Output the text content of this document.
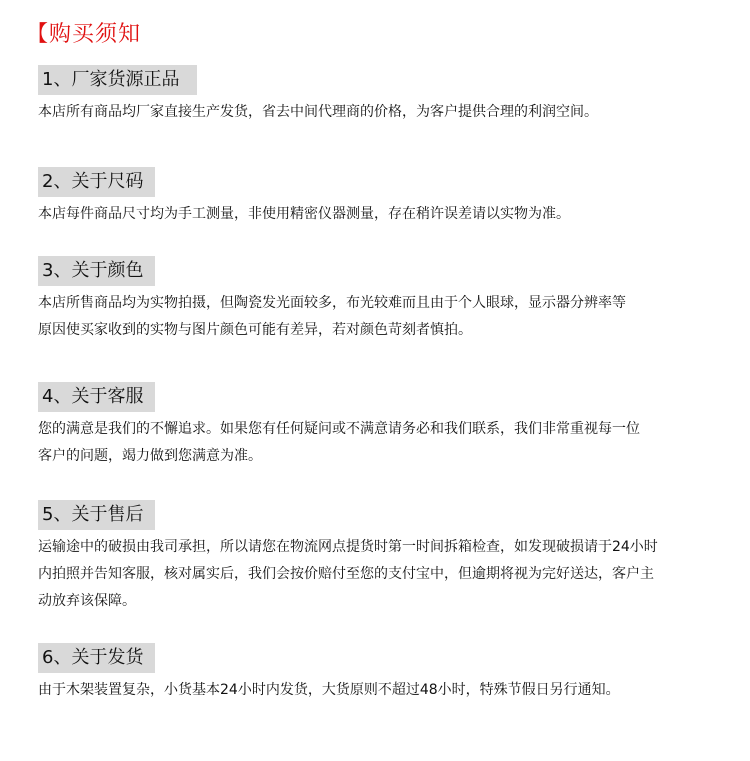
【购买须知
1、厂家货源正品

本店所有商品均厂家直接生产发货，省去中间代理商的价格，为客户提供合理的利润空间。

2、关于尺码

本店每件商品尺寸均为手工测量，非使用精密仪器测量，存在稍许误差请以实物为准。

3、关于颜色

本店所售商品均为实物拍摄，但陶瓷发光面较多，布光较难而且由于个人眼球，显示器分辨率等

原因使买家收到的实物与图片颜色可能有差异，若对颜色苛刻者慎拍。

4、关于客服

您的满意是我们的不懈追求。如果您有任何疑问或不满意请务必和我们联系，我们非常重视每一位

客户的问题，竭力做到您满意为准。

5、关于售后

运输途中的破损由我司承担，所以请您在物流网点提货时第一时间拆箱检查，如发现破损请于24小时

内拍照并告知客服，核对属实后，我们会按价赔付至您的支付宝中，但逾期将视为完好送达，客户主

动放弃该保障。

6、关于发货

由于木架装置复杂，小货基本24小时内发货，大货原则不超过48小时，特殊节假日另行通知。
